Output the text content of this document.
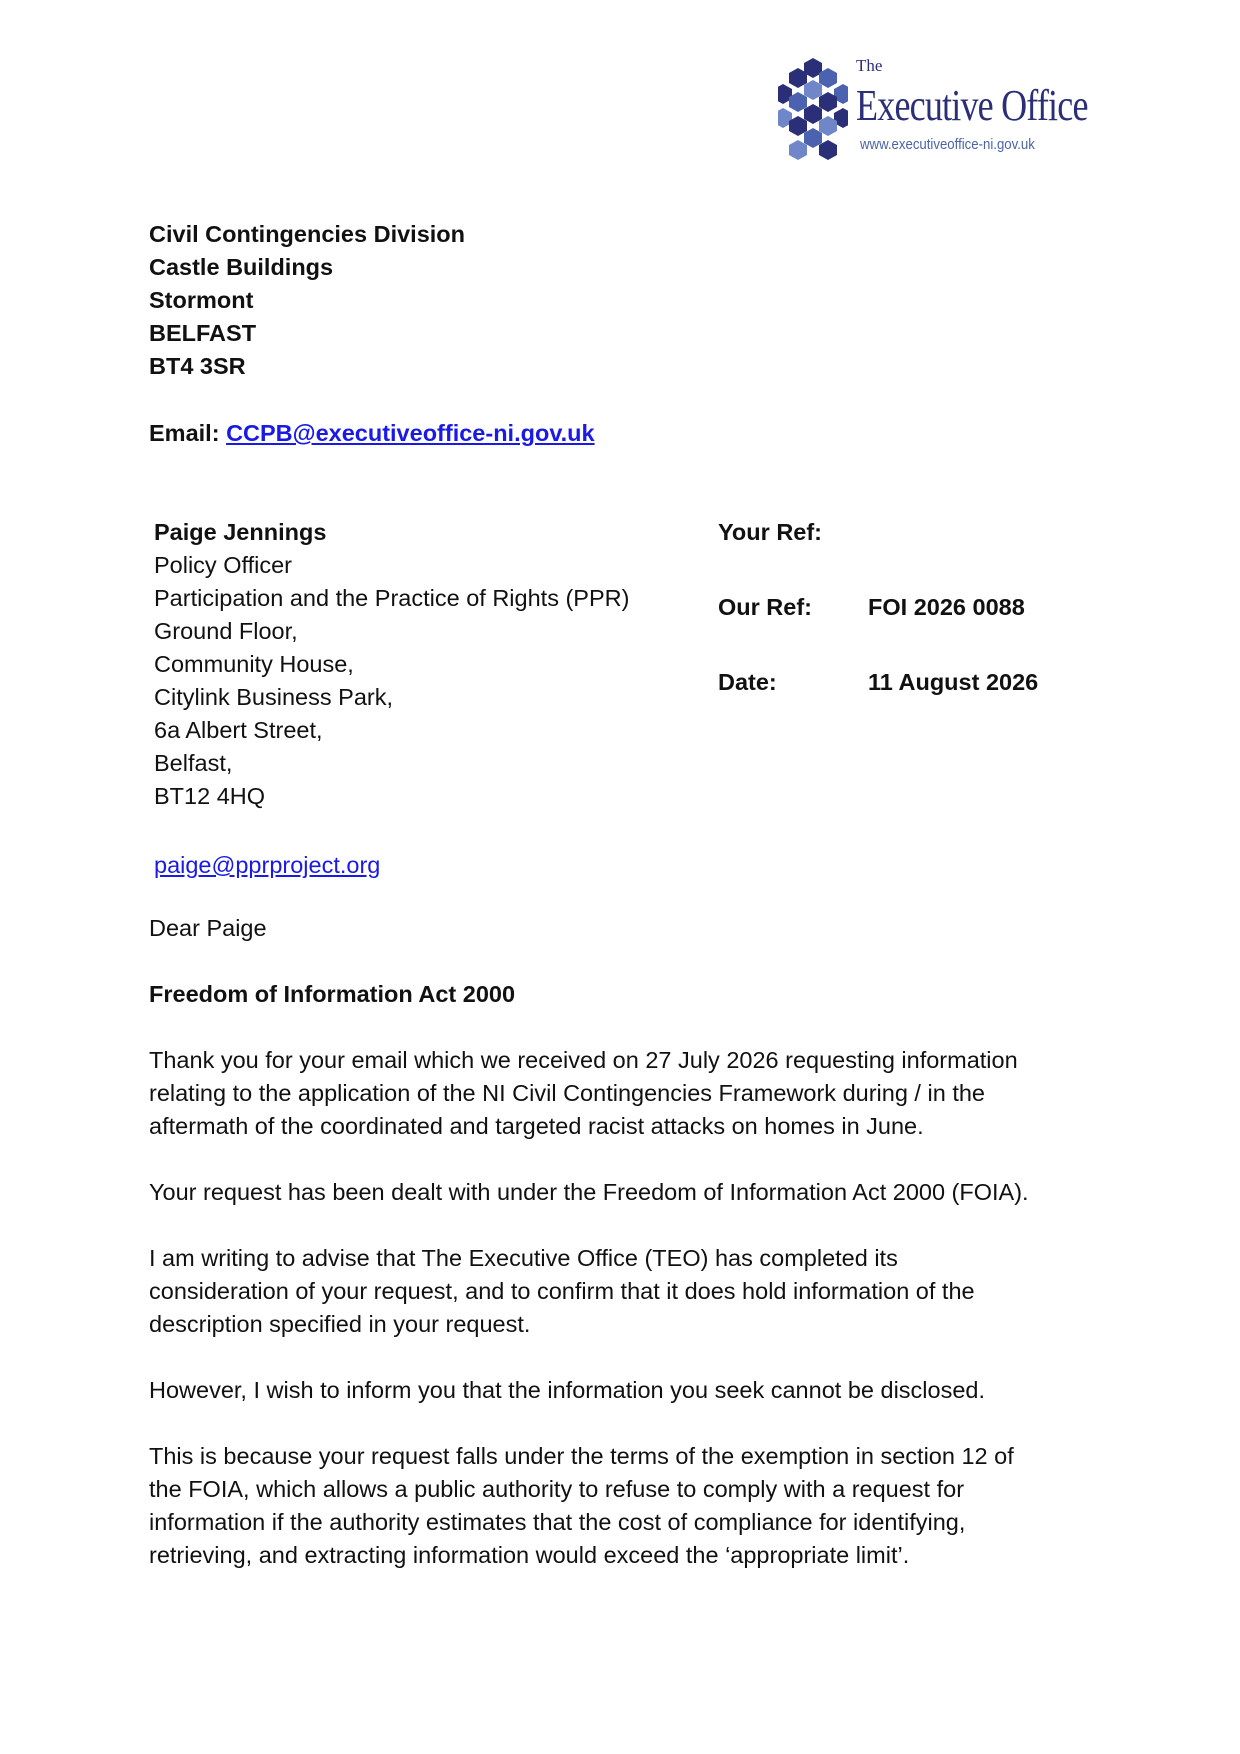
The
Executive Office
www.executiveoffice-ni.gov.uk
Civil Contingencies Division
Castle Buildings
Stormont
BELFAST
BT4 3SR
Email: CCPB@executiveoffice-ni.gov.uk
Paige Jennings
Policy Officer
Participation and the Practice of Rights (PPR)
Ground Floor,
Community House,
Citylink Business Park,
6a Albert Street,
Belfast,
BT12 4HQ
Your Ref:
Our Ref: FOI 2026 0088
Date:	11 August 2026
paige@pprproject.org
Dear Paige
Freedom of Information Act 2000
Thank you for your email which we received on 27 July 2026 requesting information
relating to the application of the NI Civil Contingencies Framework during / in the
aftermath of the coordinated and targeted racist attacks on homes in June.
Your request has been dealt with under the Freedom of Information Act 2000 (FOIA).
I am writing to advise that The Executive Office (TEO) has completed its
consideration of your request, and to confirm that it does hold information of the
description specified in your request.
However, I wish to inform you that the information you seek cannot be disclosed.
This is because your request falls under the terms of the exemption in section 12 of
the FOIA, which allows a public authority to refuse to comply with a request for
information if the authority estimates that the cost of compliance for identifying,
retrieving, and extracting information would exceed the ‘appropriate limit’.
